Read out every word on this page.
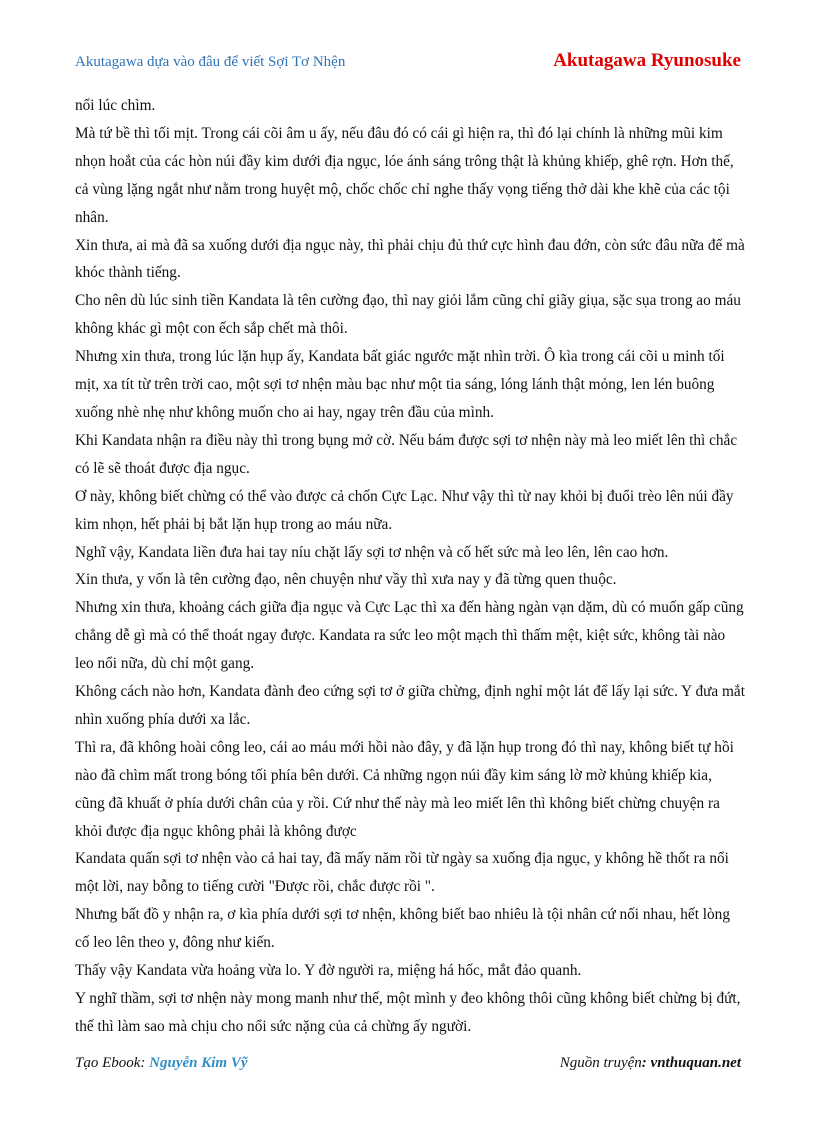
Akutagawa dựa vào đâu để viết Sợi Tơ Nhện	Akutagawa Ryunosuke

nổi lúc chìm.

Mà tứ bề thì tối mịt. Trong cái cõi âm u ấy, nếu đâu đó có cái gì hiện ra, thì đó lại chính là những mũi kim nhọn hoắt của các hòn núi đầy kim dưới địa ngục, lóe ánh sáng trông thật là khủng khiếp, ghê rợn. Hơn thế, cả vùng lặng ngắt như nằm trong huyệt mộ, chốc chốc chỉ nghe thấy vọng tiếng thở dài khe khẽ của các tội nhân.

Xin thưa, ai mà đã sa xuống dưới địa ngục này, thì phải chịu đủ thứ cực hình đau đớn, còn sức đâu nữa để mà khóc thành tiếng.

Cho nên dù lúc sinh tiền Kandata là tên cường đạo, thì nay giỏi lắm cũng chỉ giãy giụa, sặc sụa trong ao máu không khác gì một con ếch sắp chết mà thôi.

Nhưng xin thưa, trong lúc lặn hụp ấy, Kandata bất giác ngước mặt nhìn trời. Ô kìa trong cái cõi u minh tối mịt, xa tít từ trên trời cao, một sợi tơ nhện màu bạc như một tia sáng, lóng lánh thật mỏng, len lén buông xuống nhè nhẹ như không muốn cho ai hay, ngay trên đầu của mình.

Khi Kandata nhận ra điều này thì trong bụng mở cờ. Nếu bám được sợi tơ nhện này mà leo miết lên thì chắc có lẽ sẽ thoát được địa ngục.

Ơ này, không biết chừng có thể vào được cả chốn Cực Lạc. Như vậy thì từ nay khỏi bị đuổi trèo lên núi đầy kim nhọn, hết phải bị bắt lặn hụp trong ao máu nữa.

Nghĩ vậy, Kandata liền đưa hai tay níu chặt lấy sợi tơ nhện và cố hết sức mà leo lên, lên cao hơn.

Xin thưa, y vốn là tên cường đạo, nên chuyện như vầy thì xưa nay y đã từng quen thuộc.

Nhưng xin thưa, khoảng cách giữa địa ngục và Cực Lạc thì xa đến hàng ngàn vạn dặm, dù có muốn gấp cũng chẳng dễ gì mà có thể thoát ngay được. Kandata ra sức leo một mạch thì thấm mệt, kiệt sức, không tài nào leo nổi nữa, dù chỉ một gang.

Không cách nào hơn, Kandata đành đeo cứng sợi tơ ở giữa chừng, định nghỉ một lát để lấy lại sức. Y đưa mắt nhìn xuống phía dưới xa lắc.

Thì ra, đã không hoài công leo, cái ao máu mới hồi nào đây, y đã lặn hụp trong đó thì nay, không biết tự hồi nào đã chìm mất trong bóng tối phía bên dưới. Cả những ngọn núi đầy kim sáng lờ mờ khủng khiếp kia, cũng đã khuất ở phía dưới chân của y rồi. Cứ như thế này mà leo miết lên thì không biết chừng chuyện ra khỏi được địa ngục không phải là không được

Kandata quấn sợi tơ nhện vào cả hai tay, đã mấy năm rồi từ ngày sa xuống địa ngục, y không hề thốt ra nổi một lời, nay bỗng to tiếng cười "Được rồi, chắc được rồi ".

Nhưng bất đồ y nhận ra, ơ kìa phía dưới sợi tơ nhện, không biết bao nhiêu là tội nhân cứ nối nhau, hết lòng cố leo lên theo y, đông như kiến.

Thấy vậy Kandata vừa hoảng vừa lo. Y đờ người ra, miệng há hốc, mắt đảo quanh.

Y nghĩ thầm, sợi tơ nhện này mong manh như thế, một mình y đeo không thôi cũng không biết chừng bị đứt, thế thì làm sao mà chịu cho nổi sức nặng của cả chừng ấy người.

Tạo Ebook: Nguyễn Kim Vỹ	Nguồn truyện: vnthuquan.net
